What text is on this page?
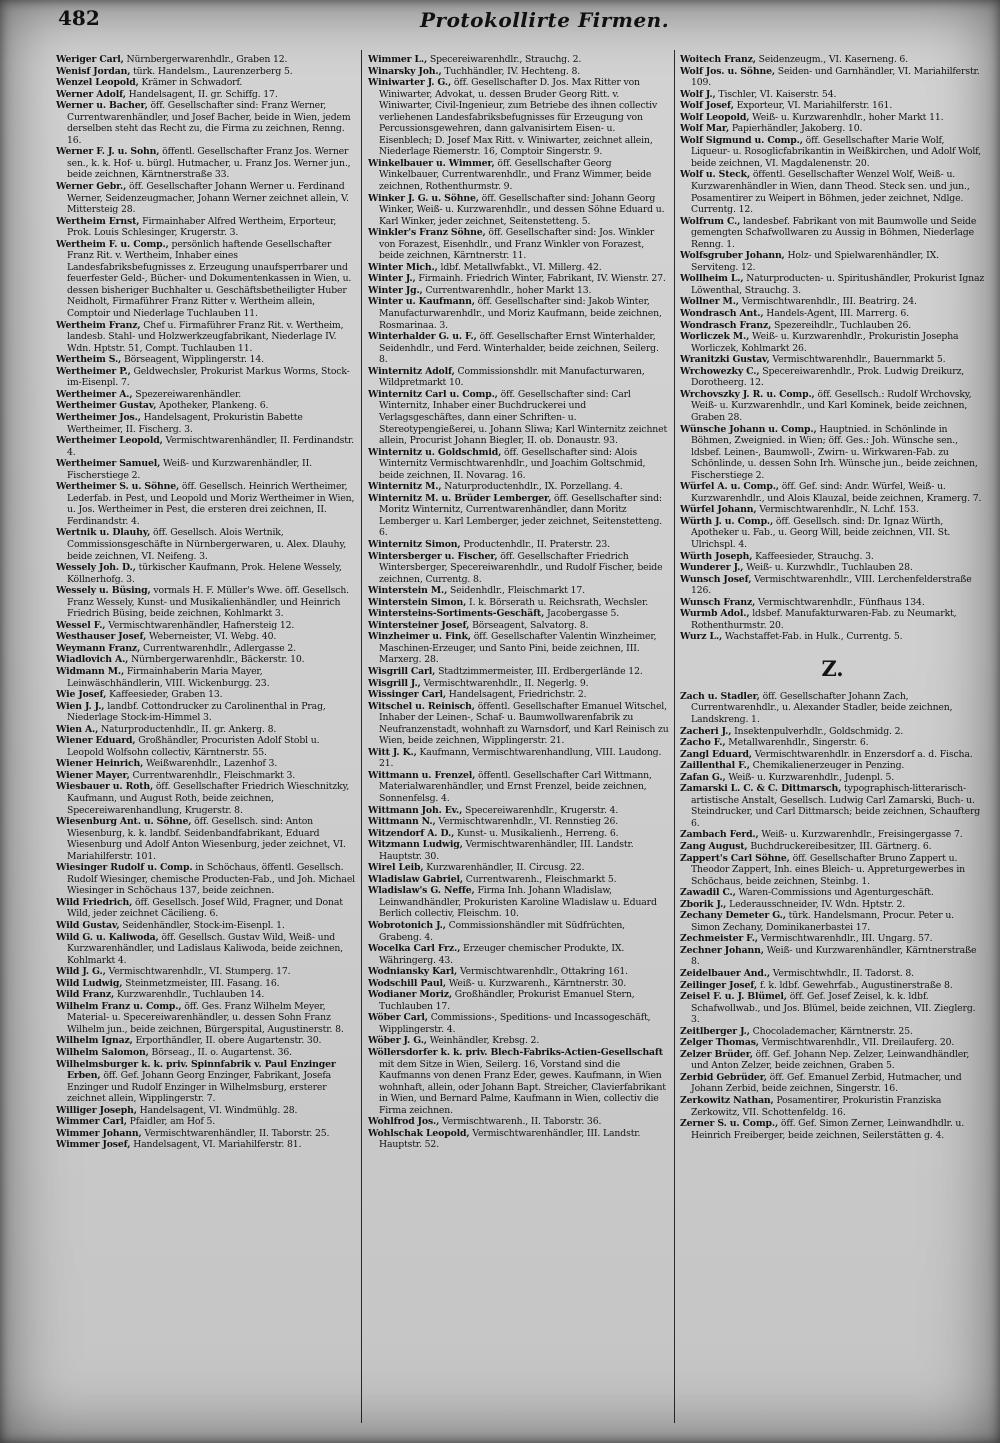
482	Protokollirte Firmen.

Weriger Carl, Nürnbergerwarenhdlr., Graben 12.

Wenisf Jordan, türk. Handelsm., Laurenzerberg 5.

Wenzel Leopold, Krämer in Schwadorf.

Werner Adolf, Handelsagent, II. gr. Schiffg. 17.

Werner u. Bacher, öff. Gesellschafter sind: Franz Werner, Currentwarenhändler, und Josef Bacher, beide in Wien, jedem derselben steht das Recht zu, die Firma zu zeichnen, Renng. 16.

Werner F. J. u. Sohn, öffentl. Gesellschafter Franz Jos. Werner sen., k. k. Hof- u. bürgl. Hutmacher, u. Franz Jos. Werner jun., beide zeichnen, Kärntnerstraße 33.

Werner Gebr., öff. Gesellschafter Johann Werner u. Ferdinand Werner, Seidenzeugmacher, Johann Werner zeichnet allein, V. Mittersteig 28.

Wertheim Ernst, Firmainhaber Alfred Wertheim, Erporteur, Prok. Louis Schlesinger, Krugerstr. 3.

Wertheim F. u. Comp., persönlich haftende Gesellschafter Franz Rit. v. Wertheim, Inhaber eines Landesfabriksbefugnisses z. Erzeugung unaufsperrbarer und feuerfester Geld-, Bücher- und Dokumentenkassen in Wien, u. dessen bisheriger Buchhalter u. Geschäftsbetheiligter Huber Neidholt, Firmaführer Franz Ritter v. Wertheim allein, Comptoir und Niederlage Tuchlauben 11.

Wertheim Franz, Chef u. Firmaführer Franz Rit. v. Wertheim, landesb. Stahl- und Holzwerkzeugfabrikant, Niederlage IV. Wdn. Hptstr. 51, Compt. Tuchlauben 11.

Wertheim S., Börseagent, Wipplingerstr. 14.

Wertheimer P., Geldwechsler, Prokurist Markus Worms, Stock-im-Eisenpl. 7.

Wertheimer A., Spezereiwarenhändler.

Wertheimer Gustav, Apotheker, Plankeng. 6.

Wertheimer Jos., Handelsagent, Prokuristin Babette Wertheimer, II. Fischerg. 3.

Wertheimer Leopold, Vermischtwarenhändler, II. Ferdinandstr. 4.

Wertheimer Samuel, Weiß- und Kurzwarenhändler, II. Fischerstiege 2.

Wertheimer S. u. Söhne, öff. Gesellsch. Heinrich Wertheimer, Lederfab. in Pest, und Leopold und Moriz Wertheimer in Wien, u. Jos. Wertheimer in Pest, die ersteren drei zeichnen, II. Ferdinandstr. 4.

Wertnik u. Dlauhy, öff. Gesellsch. Alois Wertnik, Commissionsgeschäfte in Nürnbergerwaren, u. Alex. Dlauhy, beide zeichnen, VI. Neifeng. 3.

Wessely Joh. D., türkischer Kaufmann, Prok. Helene Wessely, Köllnerhofg. 3.

Wessely u. Büsing, vormals H. F. Müller's Wwe. öff. Gesellsch. Franz Wessely, Kunst- und Musikalienhändler, und Heinrich Friedrich Büsing, beide zeichnen, Kohlmarkt 3.

Wessel F., Vermischtwarenhändler, Hafnersteig 12.

Westhauser Josef, Weberneister, VI. Webg. 40.

Weymann Franz, Currentwarenhdlr., Adlergasse 2.

Wiadlovich A., Nürnbergerwarenhdlr., Bäckerstr. 10.

Widmann M., Firmainhaberin Maria Mayer, Leinwäschhändlerin, VIII. Wickenburgg. 23.

Wie Josef, Kaffeesieder, Graben 13.

Wien J. J., landbf. Cottondrucker zu Carolinenthal in Prag, Niederlage Stock-im-Himmel 3.

Wien A., Naturproductenhdlr., II. gr. Ankerg. 8.

Wiener Eduard, Großhändler, Procuristen Adolf Stobl u. Leopold Wolfsohn collectiv, Kärntnerstr. 55.

Wiener Heinrich, Weißwarenhdlr., Lazenhof 3.

Wiener Mayer, Currentwarenhdlr., Fleischmarkt 3.

Wiesbauer u. Roth, öff. Gesellschafter Friedrich Wieschnitzky, Kaufmann, und August Roth, beide zeichnen, Specereiwarenhandlung, Krugerstr. 8.

Wiesenburg Ant. u. Söhne, öff. Gesellsch. sind: Anton Wiesenburg, k. k. landbf. Seidenbandfabrikant, Eduard Wiesenburg und Adolf Anton Wiesenburg, jeder zeichnet, VI. Mariahilferstr. 101.

Wiesinger Rudolf u. Comp. in Schöchaus, öffentl. Gesellsch. Rudolf Wiesinger, chemische Producten-Fab., und Joh. Michael Wiesinger in Schöchaus 137, beide zeichnen.

Wild Friedrich, öff. Gesellsch. Josef Wild, Fragner, und Donat Wild, jeder zeichnet Cäcilieng. 6.

Wild Gustav, Seidenhändler, Stock-im-Eisenpl. 1.

Wild G. u. Kaliwoda, öff. Gesellsch. Gustav Wild, Weiß- und Kurzwarenhändler, und Ladislaus Kaliwoda, beide zeichnen, Kohlmarkt 4.

Wild J. G., Vermischtwarenhdlr., VI. Stumperg. 17.

Wild Ludwig, Steinmetzmeister, III. Fasang. 16.

Wild Franz, Kurzwarenhdlr., Tuchlauben 14.

Wilhelm Franz u. Comp., öff. Ges. Franz Wilhelm Meyer, Material- u. Specereiwarenhändler, u. dessen Sohn Franz Wilhelm jun., beide zeichnen, Bürgerspital, Augustinerstr. 8.

Wilhelm Ignaz, Erporthändler, II. obere Augartenstr. 30.

Wilhelm Salomon, Börseag., II. o. Augartenst. 36.

Wilhelmsburger k. k. priv. Spinnfabrik v. Paul Enzinger Erben, öff. Gef. Johann Georg Enzinger, Fabrikant, Josefa Enzinger und Rudolf Enzinger in Wilhelmsburg, ersterer zeichnet allein, Wipplingerstr. 7.

Williger Joseph, Handelsagent, VI. Windmühlg. 28.

Wimmer Carl, Pfaidler, am Hof 5.

Wimmer Johann, Vermischtwarenhändler, II. Taborstr. 25.

Wimmer Josef, Handelsagent, VI. Mariahilferstr. 81.

Wimmer L., Specereiwarenhdlr., Strauchg. 2.

Winarsky Joh., Tuchhändler, IV. Hechteng. 8.

Winiwarter J. G., öff. Gesellschafter D. Jos. Max Ritter von Winiwarter, Advokat, u. dessen Bruder Georg Ritt. v. Winiwarter, Civil-Ingenieur, zum Betriebe des ihnen collectiv verliehenen Landesfabriksbefugnisses für Erzeugung von Percussionsgewehren, dann galvanisirtem Eisen- u. Eisenblech; D. Josef Max Ritt. v. Winiwarter, zeichnet allein, Niederlage Riemerstr. 16, Comptoir Singerstr. 9.

Winkelbauer u. Wimmer, öff. Gesellschafter Georg Winkelbauer, Currentwarenhdlr., und Franz Wimmer, beide zeichnen, Rothenthurmstr. 9.

Winker J. G. u. Söhne, öff. Gesellschafter sind: Johann Georg Winker, Weiß- u. Kurzwarenhdlr., und dessen Söhne Eduard u. Karl Winker, jeder zeichnet, Seitenstetteng. 5.

Winkler's Franz Söhne, öff. Gesellschafter sind: Jos. Winkler von Forazest, Eisenhdlr., und Franz Winkler von Forazest, beide zeichnen, Kärntnerstr. 11.

Winter Mich., ldbf. Metallwfabkt., VI. Millerg. 42.

Winter J., Firmainh. Friedrich Winter, Fabrikant, IV. Wienstr. 27.

Winter Jg., Currentwarenhdlr., hoher Markt 13.

Winter u. Kaufmann, öff. Gesellschafter sind: Jakob Winter, Manufacturwarenhdlr., und Moriz Kaufmann, beide zeichnen, Rosmarinaa. 3.

Winterhalder G. u. F., öff. Gesellschafter Ernst Winterhalder, Seidenhdlr., und Ferd. Winterhalder, beide zeichnen, Seilerg. 8.

Winternitz Adolf, Commissionshdlr. mit Manufacturwaren, Wildpretmarkt 10.

Winternitz Carl u. Comp., öff. Gesellschafter sind: Carl Winternitz, Inhaber einer Buchdruckerei und Verlagsgeschäftes, dann einer Schriften- u. Stereotypengießerei, u. Johann Sliwa; Karl Winternitz zeichnet allein, Procurist Johann Biegler, II. ob. Donaustr. 93.

Winternitz u. Goldschmid, öff. Gesellschafter sind: Alois Winternitz Vermischtwarenhdlr., und Joachim Goltschmid, beide zeichnen, II. Novarag. 16.

Winternitz M., Naturproductenhdlr., IX. Porzellang. 4.

Winternitz M. u. Brüder Lemberger, öff. Gesellschafter sind: Moritz Winternitz, Currentwarenhändler, dann Moritz Lemberger u. Karl Lemberger, jeder zeichnet, Seitenstetteng. 6.

Winternitz Simon, Productenhdlr., II. Praterstr. 23.

Wintersberger u. Fischer, öff. Gesellschafter Friedrich Wintersberger, Specereiwarenhdlr., und Rudolf Fischer, beide zeichnen, Currentg. 8.

Winterstein M., Seidenhdlr., Fleischmarkt 17.

Winterstein Simon, I. k. Börserath u. Reichsrath, Wechsler.

Wintersteins-Sortiments-Geschäft, Jacobergasse 5.

Wintersteiner Josef, Börseagent, Salvatorg. 8.

Winzheimer u. Fink, öff. Gesellschafter Valentin Winzheimer, Maschinen-Erzeuger, und Santo Pini, beide zeichnen, III. Marxerg. 28.

Wisgrill Carl, Stadtzimmermeister, III. Erdbergerlände 12.

Wisgrill J., Vermischtwarenhdlr., II. Negerlg. 9.

Wissinger Carl, Handelsagent, Friedrichstr. 2.

Witschel u. Reinisch, öffentl. Gesellschafter Emanuel Witschel, Inhaber der Leinen-, Schaf- u. Baumwollwarenfabrik zu Neufranzenstadt, wohnhaft zu Warnsdorf, und Karl Reinisch zu Wien, beide zeichnen, Wipplingerstr. 21.

Witt J. K., Kaufmann, Vermischtwarenhandlung, VIII. Laudong. 21.

Wittmann u. Frenzel, öffentl. Gesellschafter Carl Wittmann, Materialwarenhändler, und Ernst Frenzel, beide zeichnen, Sonnenfelsg. 4.

Wittmann Joh. Ev., Specereiwarenhdlr., Krugerstr. 4.

Wittmann N., Vermischtwarenhdlr., VI. Rennstieg 26.

Witzendorf A. D., Kunst- u. Musikalienh., Herreng. 6.

Witzmann Ludwig, Vermischtwarenhändler, III. Landstr. Hauptstr. 30.

Wirel Leib, Kurzwarenhändler, II. Circusg. 22.

Wladislaw Gabriel, Currentwarenh., Fleischmarkt 5.

Wladislaw's G. Neffe, Firma Inh. Johann Wladislaw, Leinwandhändler, Prokuristen Karoline Wladislaw u. Eduard Berlich collectiv, Fleischm. 10.

Wobrotonich J., Commissionshändler mit Südfrüchten, Grabeng. 4.

Wocelka Carl Frz., Erzeuger chemischer Produkte, IX. Währingerg. 43.

Wodniansky Karl, Vermischtwarenhdlr., Ottakring 161.

Wodschill Paul, Weiß- u. Kurzwarenh., Kärntnerstr. 30.

Wodianer Moriz, Großhändler, Prokurist Emanuel Stern, Tuchlauben 17.

Wöber Carl, Commissions-, Speditions- und Incassogeschäft, Wipplingerstr. 4.

Wöber J. G., Weinhändler, Krebsg. 2.

Wöllersdorfer k. k. priv. Blech-Fabriks-Actien-Gesellschaft mit dem Sitze in Wien, Seilerg. 16, Vorstand sind die Kaufmanns von denen Franz Eder, gewes. Kaufmann, in Wien wohnhaft, allein, oder Johann Bapt. Streicher, Clavierfabrikant in Wien, und Bernard Palme, Kaufmann in Wien, collectiv die Firma zeichnen.

Wohlfrod Jos., Vermischtwarenh., II. Taborstr. 36.

Wohlschak Leopold, Vermischtwarenhändler, III. Landstr. Hauptstr. 52.

Woitech Franz, Seidenzeugm., VI. Kaserneng. 6.

Wolf Jos. u. Söhne, Seiden- und Garnhändler, VI. Mariahilferstr. 109.

Wolf J., Tischler, VI. Kaiserstr. 54.

Wolf Josef, Exporteur, VI. Mariahilferstr. 161.

Wolf Leopold, Weiß- u. Kurzwarenhdlr., hoher Markt 11.

Wolf Mar, Papierhändler, Jakoberg. 10.

Wolf Sigmund u. Comp., öff. Gesellschafter Marie Wolf, Liqueur- u. Rosoglicfabrikantin in Weißkirchen, und Adolf Wolf, beide zeichnen, VI. Magdalenenstr. 20.

Wolf u. Steck, öffentl. Gesellschafter Wenzel Wolf, Weiß- u. Kurzwarenhändler in Wien, dann Theod. Steck sen. und jun., Posamentirer zu Weipert in Böhmen, jeder zeichnet, Ndlge. Currentg. 12.

Wolfrum C., landesbef. Fabrikant von mit Baumwolle und Seide gemengten Schafwollwaren zu Aussig in Böhmen, Niederlage Renng. 1.

Wolfsgruber Johann, Holz- und Spielwarenhändler, IX. Serviteng. 12.

Wollheim L., Naturproducten- u. Spiritushändler, Prokurist Ignaz Löwenthal, Strauchg. 3.

Wollner M., Vermischtwarenhdlr., III. Beatrirg. 24.

Wondrasch Ant., Handels-Agent, III. Marrerg. 6.

Wondrasch Franz, Spezereihdlr., Tuchlauben 26.

Worliczek M., Weiß- u. Kurzwarenhdlr., Prokuristin Josepha Worliczek, Kohlmarkt 26.

Wranitzki Gustav, Vermischtwarenhdlr., Bauernmarkt 5.

Wrchowezky C., Specereiwarenhdlr., Prok. Ludwig Dreikurz, Dorotheerg. 12.

Wrchovszky J. R. u. Comp., öff. Gesellsch.: Rudolf Wrchovsky, Weiß- u. Kurzwarenhdlr., und Karl Kominek, beide zeichnen, Graben 28.

Wünsche Johann u. Comp., Hauptnied. in Schönlinde in Böhmen, Zweignied. in Wien; öff. Ges.: Joh. Wünsche sen., ldsbef. Leinen-, Baumwoll-, Zwirn- u. Wirkwaren-Fab. zu Schönlinde, u. dessen Sohn Irh. Wünsche jun., beide zeichnen, Fischerstiege 2.

Würfel A. u. Comp., öff. Gef. sind: Andr. Würfel, Weiß- u. Kurzwarenhdlr., und Alois Klauzal, beide zeichnen, Kramerg. 7.

Würfel Johann, Vermischtwarenhdlr., N. Lchf. 153.

Würth J. u. Comp., öff. Gesellsch. sind: Dr. Ignaz Würth, Apotheker u. Fab., u. Georg Will, beide zeichnen, VII. St. Ulrichspl. 4.

Würth Joseph, Kaffeesieder, Strauchg. 3.

Wunderer J., Weiß- u. Kurzwhdlr., Tuchlauben 28.

Wunsch Josef, Vermischtwarenhdlr., VIII. Lerchenfelderstraße 126.

Wunsch Franz, Vermischtwarenhdlr., Fünfhaus 134.

Wurmb Adol., ldsbef. Manufakturwaren-Fab. zu Neumarkt, Rothenthurmstr. 20.

Wurz L., Wachstaffet-Fab. in Hulk., Currentg. 5.

Z.

Zach u. Stadler, öff. Gesellschafter Johann Zach, Currentwarenhdlr., u. Alexander Stadler, beide zeichnen, Landskreng. 1.

Zacheri J., Insektenpulverhdlr., Goldschmidg. 2.

Zacho F., Metallwarenhdlr., Singerstr. 6.

Zangl Eduard, Vermischtwarenhdlr. in Enzersdorf a. d. Fischa.

Zaillenthal F., Chemikalienerzeuger in Penzing.

Zafan G., Weiß- u. Kurzwarenhdlr., Judenpl. 5.

Zamarski L. C. & C. Dittmarsch, typographisch-litterarisch-artistische Anstalt, Gesellsch. Ludwig Carl Zamarski, Buch- u. Steindrucker, und Carl Dittmarsch; beide zeichnen, Schaufterg 6.

Zambach Ferd., Weiß- u. Kurzwarenhdlr., Freisingergasse 7.

Zang August, Buchdruckereibesitzer, III. Gärtnerg. 6.

Zappert's Carl Söhne, öff. Gesellschafter Bruno Zappert u. Theodor Zappert, Inh. eines Bleich- u. Appreturgewerbes in Schöchaus, beide zeichnen, Steinbg. 1.

Zawadil C., Waren-Commissions und Agenturgeschäft.

Zborik J., Lederausschneider, IV. Wdn. Hptstr. 2.

Zechany Demeter G., türk. Handelsmann, Procur. Peter u. Simon Zechany, Dominikanerbastei 17.

Zechmeister F., Vermischtwarenhdlr., III. Ungarg. 57.

Zechner Johann, Weiß- und Kurzwarenhändler, Kärntnerstraße 8.

Zeidelbauer And., Vermischtwhdlr., II. Tadorst. 8.

Zeilinger Josef, f. k. ldbf. Gewehrfab., Augustinerstraße 8.

Zeisel F. u. J. Blümel, öff. Gef. Josef Zeisel, k. k. ldbf. Schafwollwab., und Jos. Blümel, beide zeichnen, VII. Zieglerg. 3.

Zeitlberger J., Chocolademacher, Kärntnerstr. 25.

Zelger Thomas, Vermischtwarenhdlr., VII. Dreilauferg. 20.

Zelzer Brüder, öff. Gef. Johann Nep. Zelzer, Leinwandhändler, und Anton Zelzer, beide zeichnen, Graben 5.

Zerbid Gebrüder, öff. Gef. Emanuel Zerbid, Hutmacher, und Johann Zerbid, beide zeichnen, Singerstr. 16.

Zerkowitz Nathan, Posamentirer, Prokuristin Franziska Zerkowitz, VII. Schottenfeldg. 16.

Zerner S. u. Comp., öff. Gef. Simon Zerner, Leinwandhdlr. u. Heinrich Freiberger, beide zeichnen, Seilerstätten g. 4.
